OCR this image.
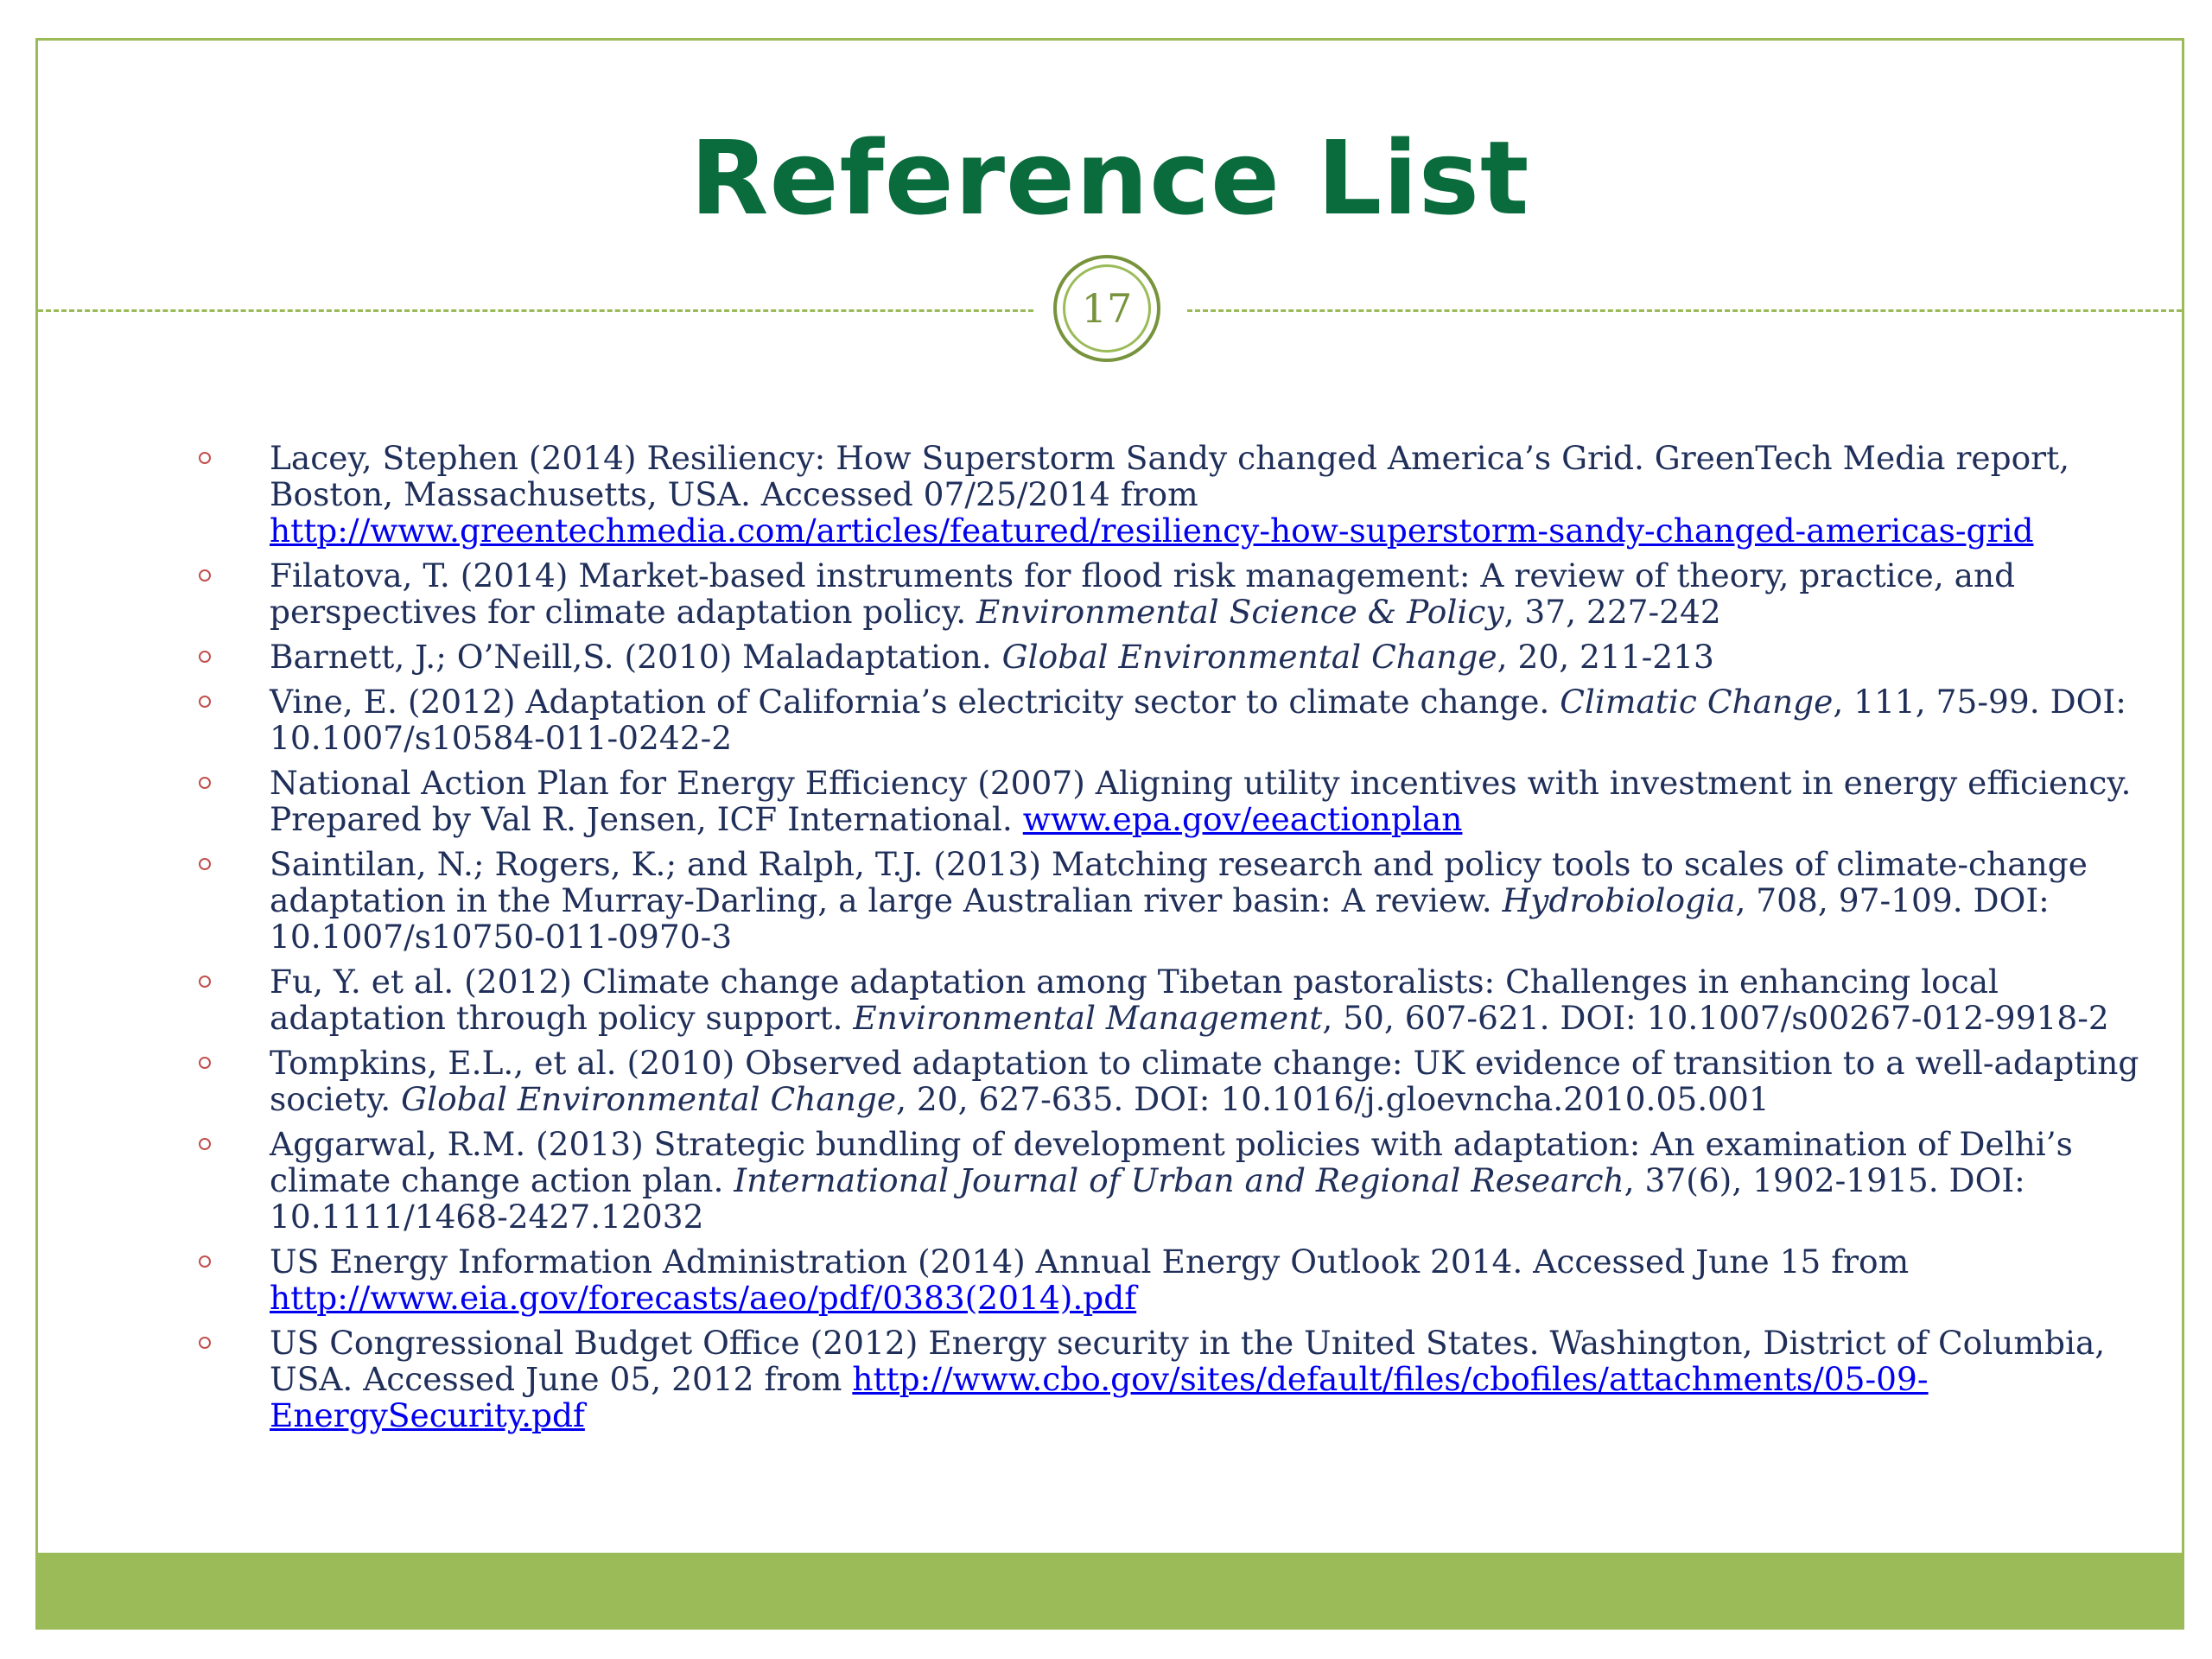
Reference List
17
Lacey, Stephen (2014) Resiliency: How Superstorm Sandy changed America’s Grid. GreenTech Media report, Boston, Massachusetts, USA. Accessed 07/25/2014 from http://www.greentechmedia.com/articles/featured/resiliency-how-superstorm-sandy-changed-americas-grid
Filatova, T. (2014) Market-based instruments for flood risk management: A review of theory, practice, and perspectives for climate adaptation policy. Environmental Science & Policy, 37, 227-242
Barnett, J.; O’Neill,S. (2010) Maladaptation. Global Environmental Change, 20, 211-213
Vine, E. (2012) Adaptation of California’s electricity sector to climate change. Climatic Change, 111, 75-99. DOI: 10.1007/s10584-011-0242-2
National Action Plan for Energy Efficiency (2007) Aligning utility incentives with investment in energy efficiency. Prepared by Val R. Jensen, ICF International. www.epa.gov/eeactionplan
Saintilan, N.; Rogers, K.; and Ralph, T.J. (2013) Matching research and policy tools to scales of climate-change adaptation in the Murray-Darling, a large Australian river basin: A review. Hydrobiologia, 708, 97-109. DOI: 10.1007/s10750-011-0970-3
Fu, Y. et al. (2012) Climate change adaptation among Tibetan pastoralists: Challenges in enhancing local adaptation through policy support. Environmental Management, 50, 607-621. DOI: 10.1007/s00267-012-9918-2
Tompkins, E.L., et al. (2010) Observed adaptation to climate change: UK evidence of transition to a well-adapting society. Global Environmental Change, 20, 627-635. DOI: 10.1016/j.gloevncha.2010.05.001
Aggarwal, R.M. (2013) Strategic bundling of development policies with adaptation: An examination of Delhi’s climate change action plan. International Journal of Urban and Regional Research, 37(6), 1902-1915. DOI: 10.1111/1468-2427.12032
US Energy Information Administration (2014) Annual Energy Outlook 2014. Accessed June 15 from http://www.eia.gov/forecasts/aeo/pdf/0383(2014).pdf
US Congressional Budget Office (2012) Energy security in the United States. Washington, District of Columbia, USA. Accessed June 05, 2012 from http://www.cbo.gov/sites/default/files/cbofiles/attachments/05-09-EnergySecurity.pdf
